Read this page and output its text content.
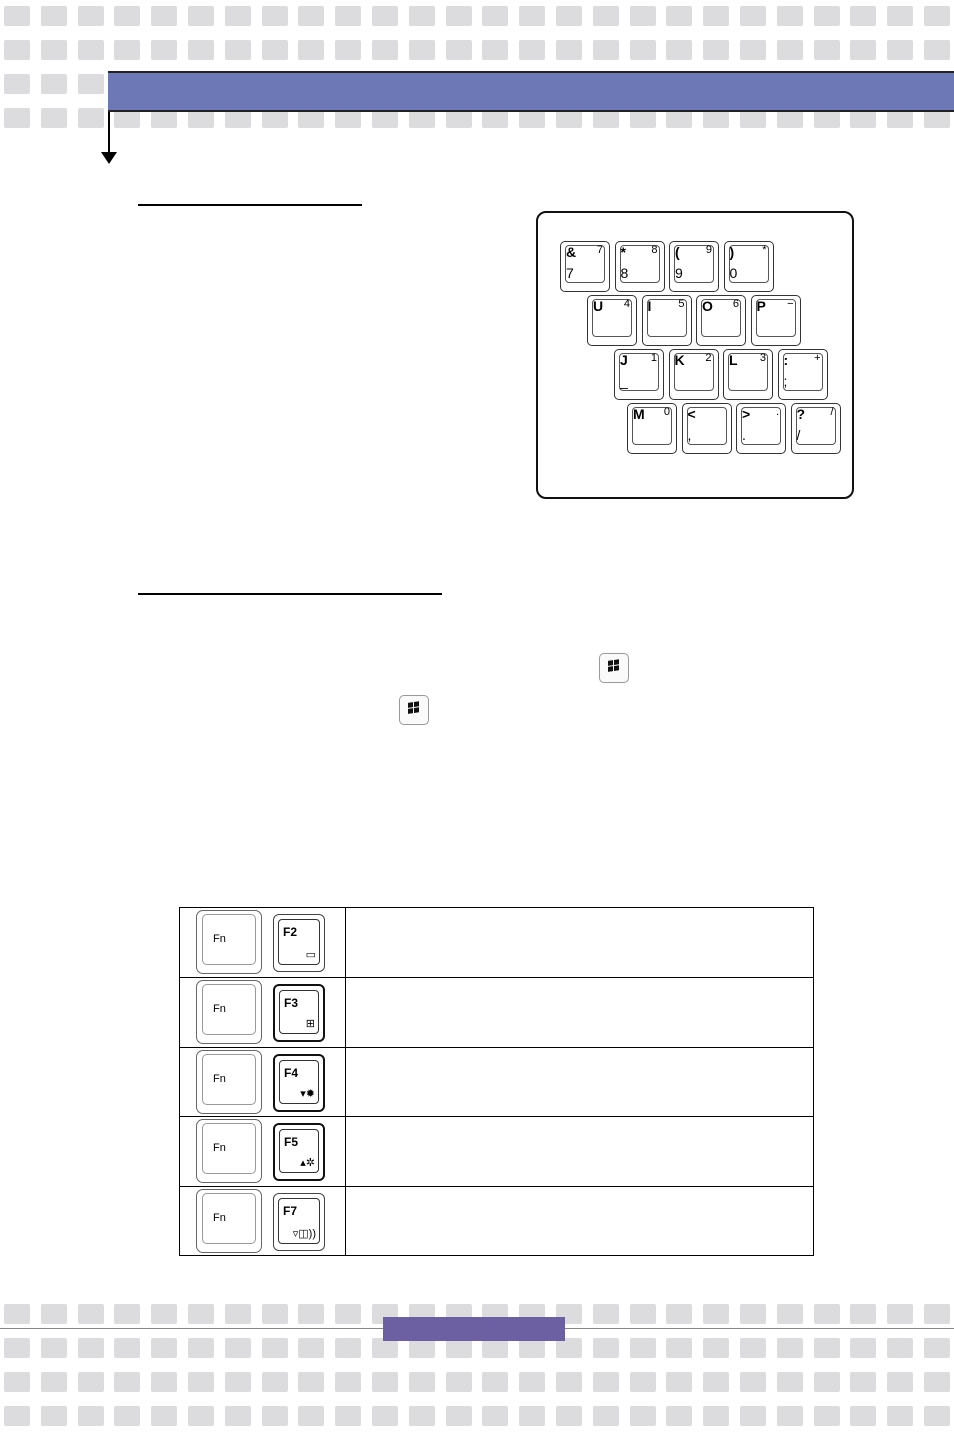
& 7
7
* 8
8
( 9
9
)	*
0
U 4 I 5 O 6 P −
J 1
_
K 2 L 3 : +
;
M 0 <
,
> .
.
? /
/
Fn	F2
▭
Fn	F3
⊞
Fn	F4
▾✹
Fn	F5
▴✲
Fn	F7
▿◫))
